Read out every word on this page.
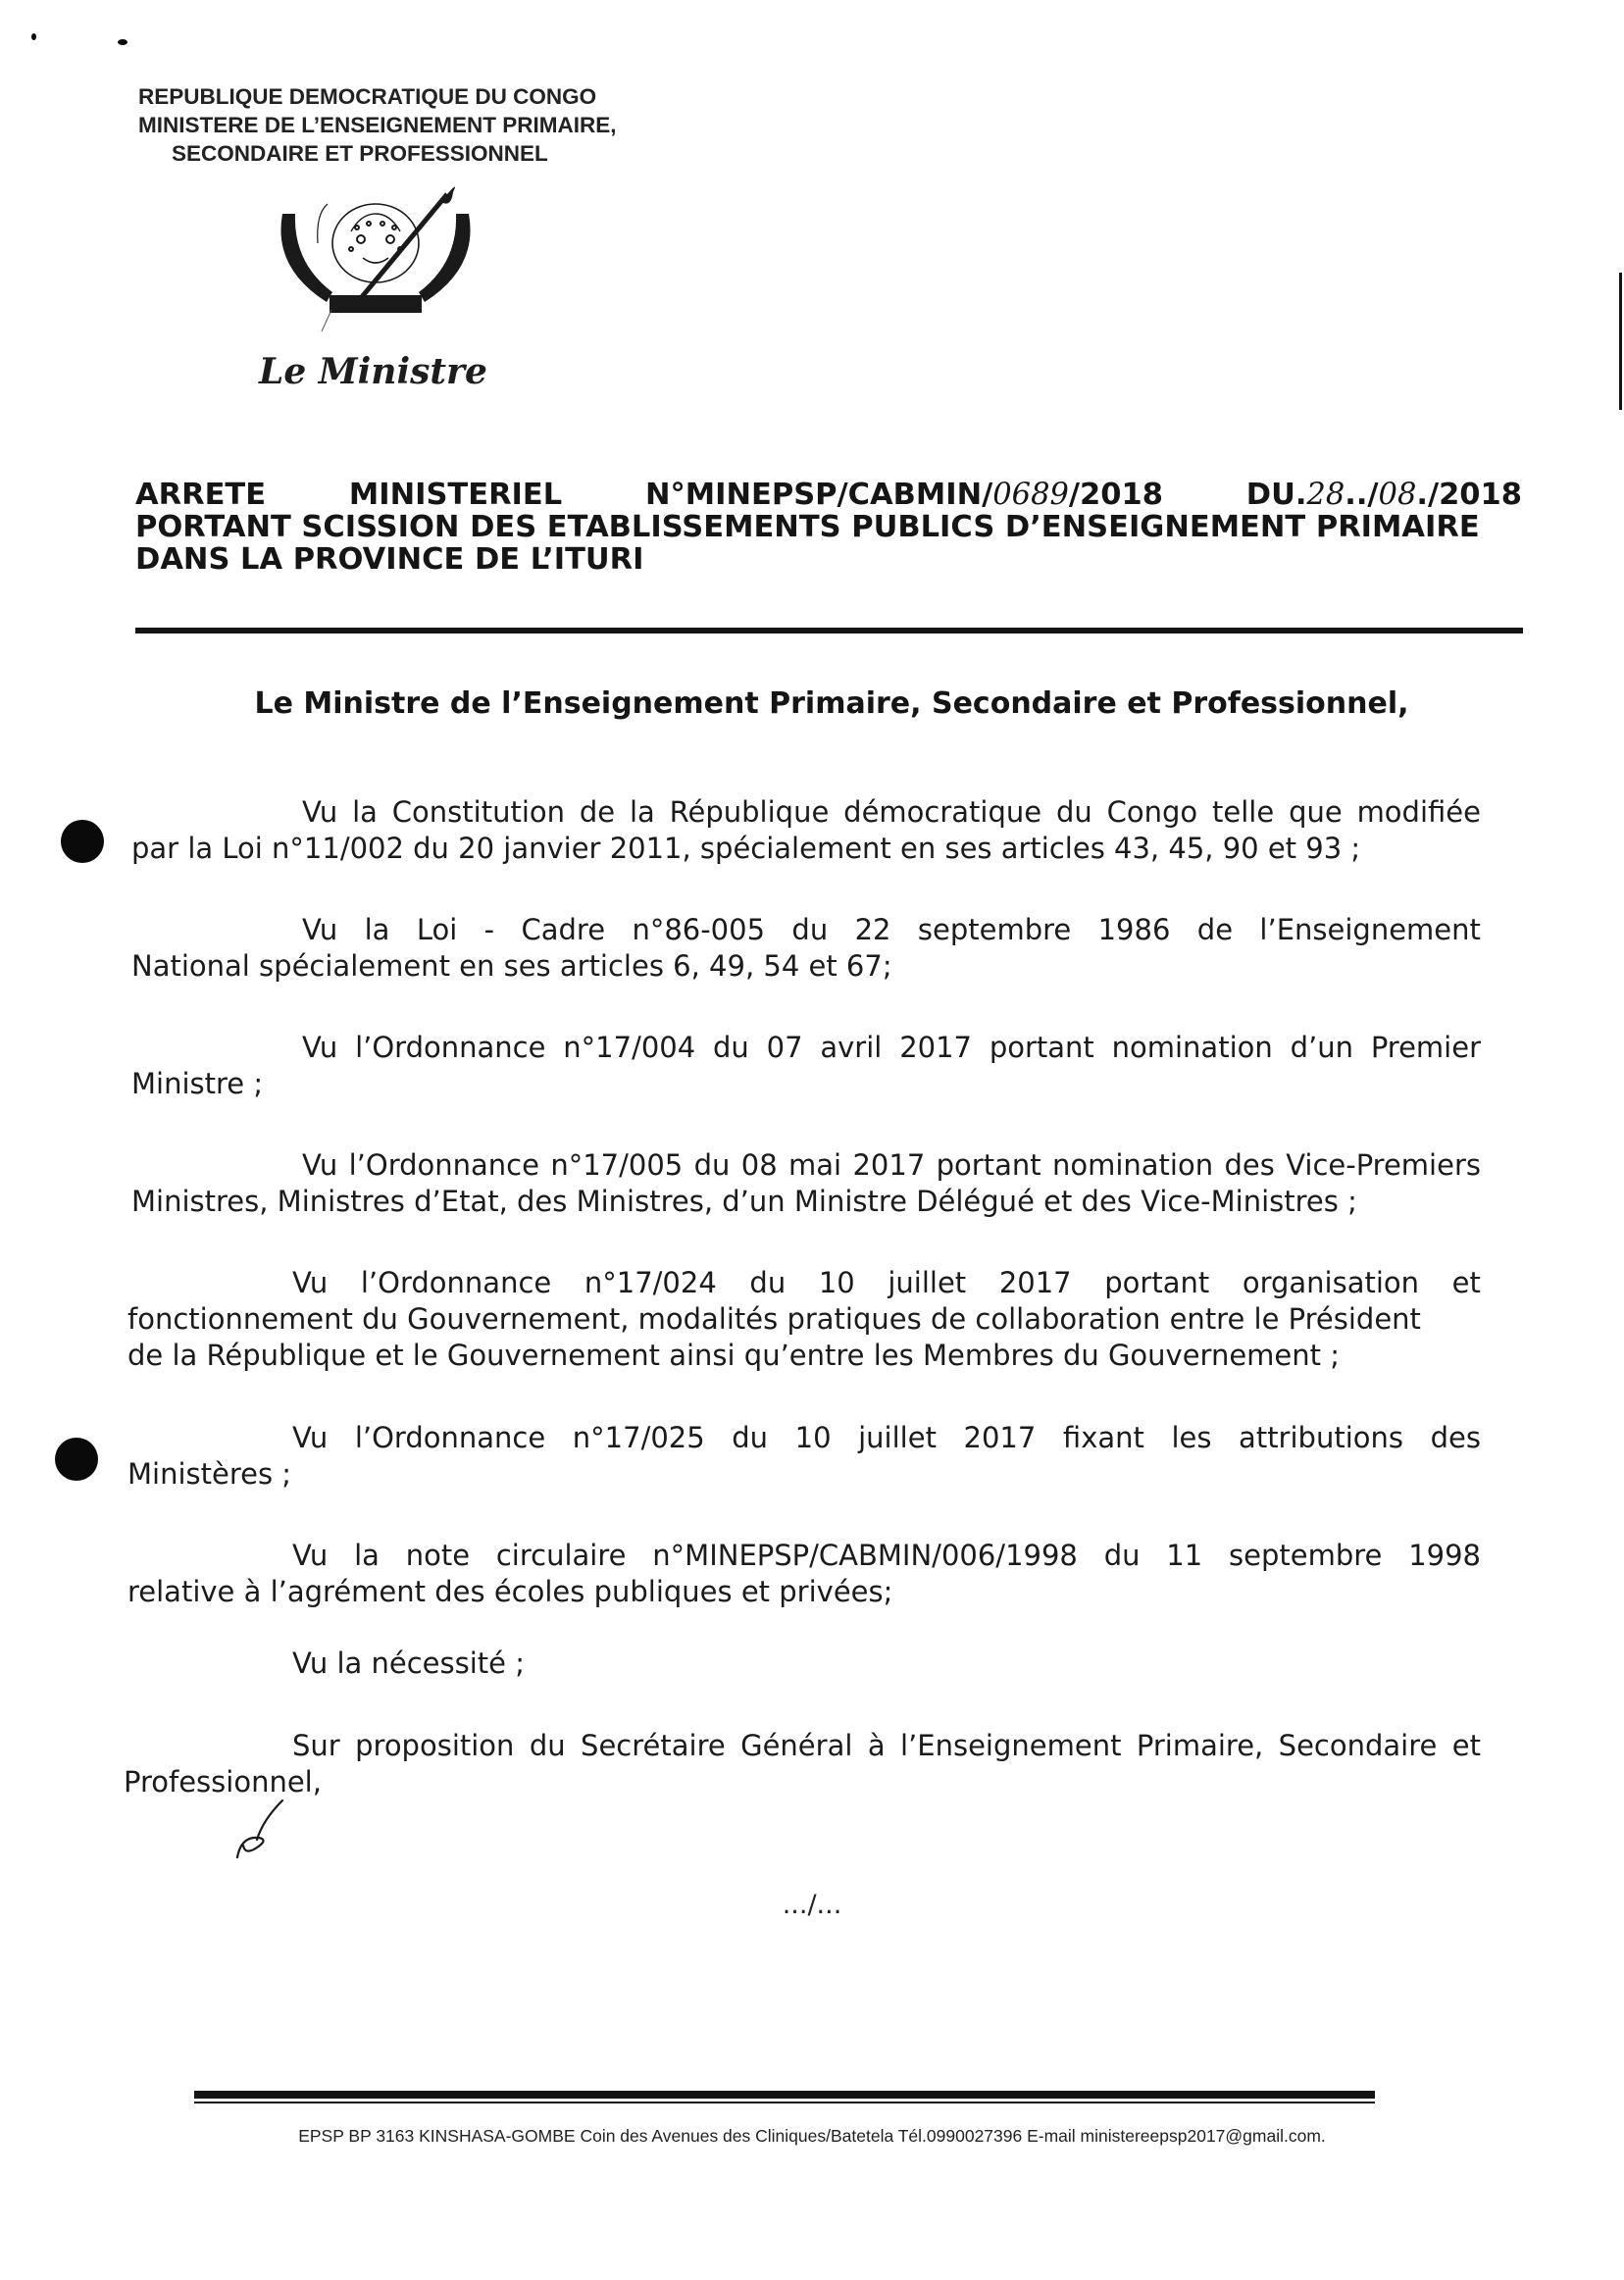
REPUBLIQUE DEMOCRATIQUE DU CONGO
MINISTERE DE L’ENSEIGNEMENT PRIMAIRE,
SECONDAIRE ET PROFESSIONNEL
Le Ministre
ARRETE	MINISTERIEL	N°MINEPSP/CABMIN/0689/2018	DU.28../08./2018
PORTANT SCISSION DES ETABLISSEMENTS PUBLICS D’ENSEIGNEMENT PRIMAIRE
DANS LA PROVINCE DE L’ITURI
Le Ministre de l’Enseignement Primaire, Secondaire et Professionnel,
Vu la Constitution de la République démocratique du Congo telle que modifiée
par la Loi n°11/002 du 20 janvier 2011, spécialement en ses articles 43, 45, 90 et 93 ;
Vu la Loi - Cadre n°86-005 du 22 septembre 1986 de l’Enseignement
National spécialement en ses articles 6, 49, 54 et 67;
Vu l’Ordonnance n°17/004 du 07 avril 2017 portant nomination d’un Premier
Ministre ;
Vu l’Ordonnance n°17/005 du 08 mai 2017 portant nomination des Vice-Premiers
Ministres, Ministres d’Etat, des Ministres, d’un Ministre Délégué et des Vice-Ministres ;
Vu l’Ordonnance n°17/024 du 10 juillet 2017 portant organisation et
fonctionnement du Gouvernement, modalités pratiques de collaboration entre le Président
de la République et le Gouvernement ainsi qu’entre les Membres du Gouvernement ;
Vu l’Ordonnance n°17/025 du 10 juillet 2017 fixant les attributions des
Ministères ;
Vu la note circulaire n°MINEPSP/CABMIN/006/1998 du 11 septembre 1998
relative à l’agrément des écoles publiques et privées;
Vu la nécessité ;
Sur proposition du Secrétaire Général à l’Enseignement Primaire, Secondaire et
Professionnel,
.../...
EPSP BP 3163 KINSHASA-GOMBE Coin des Avenues des Cliniques/Batetela Tél.0990027396 E-mail ministereepsp2017@gmail.com.
